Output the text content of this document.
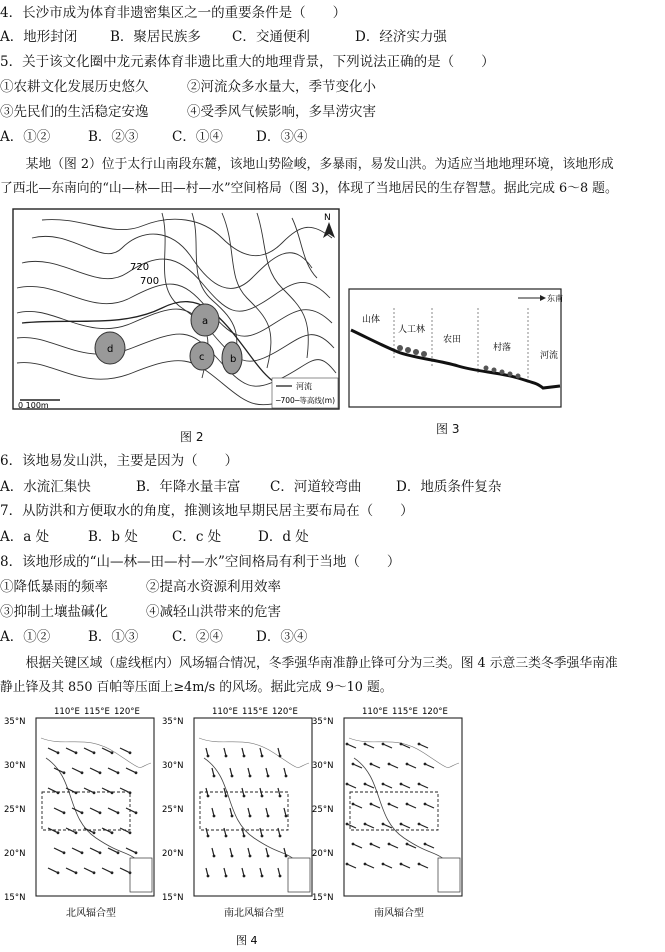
4．长沙市成为体育非遗密集区之一的重要条件是（　　）
A．地形封闭 B．聚居民族多 C．交通便利	D．经济实力强
5．关于该文化圈中龙元素体育非遗比重大的地理背景，下列说法正确的是（　　）
①农耕文化发展历史悠久	②河流众多水量大，季节变化小
③先民们的生活稳定安逸	④受季风气候影响，多旱涝灾害
A．①②	B．②③ C．①④ D．③④
　　某地（图 2）位于太行山南段东麓，该地山势险峻，多暴雨，易发山洪。为适应当地地理环境，该地形成
了西北—东南向的“山—林—田—村—水”空间格局（图 3)，体现了当地居民的生存智慧。据此完成 6～8 题。
a
b
c
d
720
700
N
河流
─700─等高线(m)
0 100m
图 2
山体
人工林
农田
村落
河流
东南
图 3
6．该地易发山洪，主要是因为（　　）
A．水流汇集快	B．年降水量丰富 C．河道较弯曲	D．地质条件复杂
7．从防洪和方便取水的角度，推测该地早期民居主要布局在（　　）
A．a 处	B．b 处	C．c 处	D．d 处
8．该地形成的“山—林—田—村—水”空间格局有利于当地（　　）
①降低暴雨的频率	②提高水资源利用效率
③抑制土壤盐碱化	④减轻山洪带来的危害
A．①②	B．①③ C．②④ D．③④
　　根据关键区域（虚线框内）风场辐合情况，冬季强华南准静止锋可分为三类。图 4 示意三类冬季强华南准
静止锋及其 850 百帕等压面上≥4m/s 的风场。据此完成 9～10 题。
110°E 115°E 120°E
35°N
30°N
25°N
20°N
15°N
北风辐合型
110°E 115°E 120°E
35°N
30°N
25°N
20°N
15°N
南北风辐合型
110°E 115°E 120°E
35°N
30°N
25°N
20°N
15°N
南风辐合型
图 4
